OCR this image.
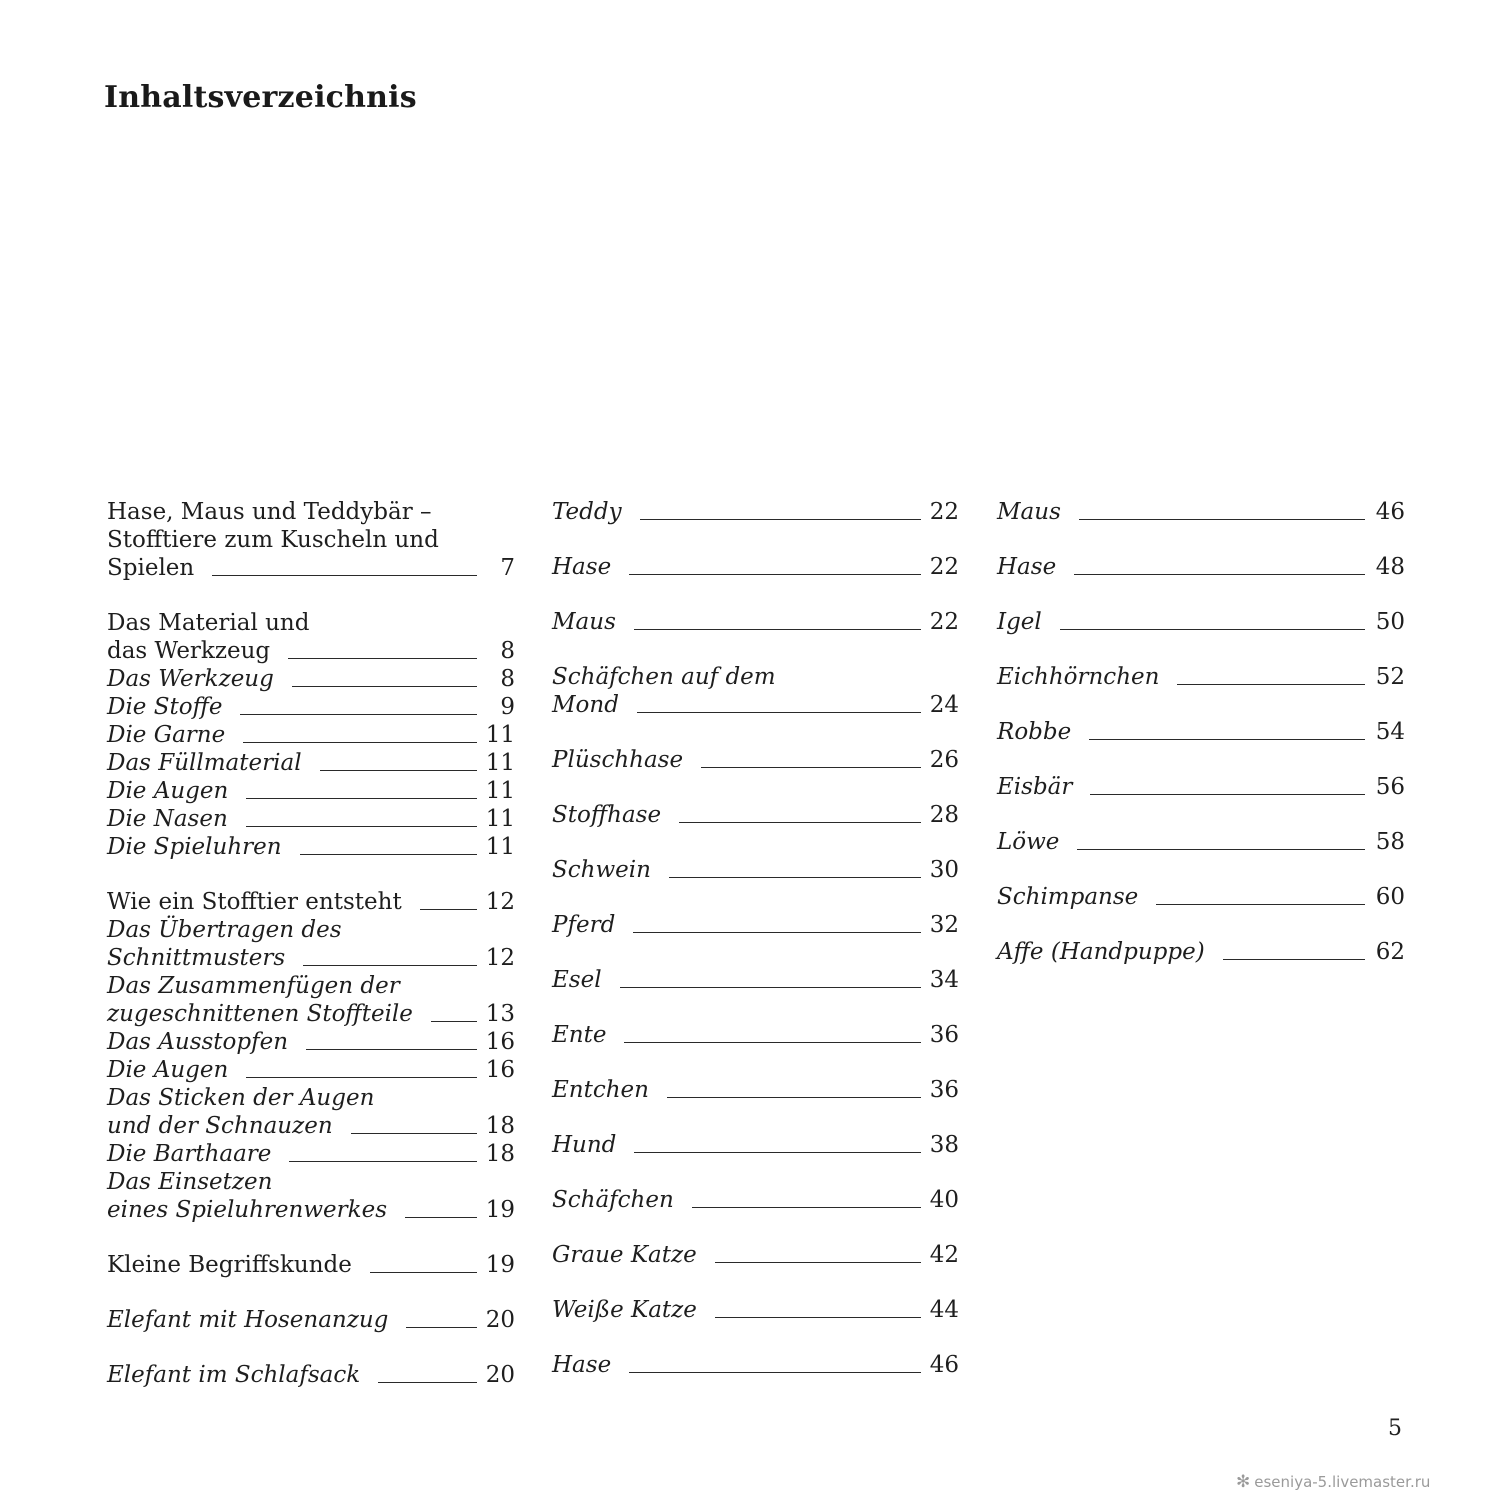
Inhaltsverzeichnis
Hase, Maus und Teddybär –
Stofftiere zum Kuscheln und
Spielen	7
Das Material und
das Werkzeug	8
Das Werkzeug	8
Die Stoffe	9
Die Garne	11
Das Füllmaterial	11
Die Augen	11
Die Nasen	11
Die Spieluhren	11
Wie ein Stofftier entsteht	12
Das Übertragen des
Schnittmusters	12
Das Zusammenfügen der
zugeschnittenen Stoffteile	13
Das Ausstopfen	16
Die Augen	16
Das Sticken der Augen
und der Schnauzen	18
Die Barthaare	18
Das Einsetzen
eines Spieluhrenwerkes	19
Kleine Begriffskunde	19
Elefant mit Hosenanzug	20
Elefant im Schlafsack	20
Teddy	22
Hase	22
Maus	22
Schäfchen auf dem
Mond	24
Plüschhase	26
Stoffhase	28
Schwein	30
Pferd	32
Esel	34
Ente	36
Entchen	36
Hund	38
Schäfchen	40
Graue Katze	42
Weiße Katze	44
Hase	46
Maus	46
Hase	48
Igel	50
Eichhörnchen	52
Robbe	54
Eisbär	56
Löwe	58
Schimpanse	60
Affe (Handpuppe)	62
5
✻ eseniya-5.livemaster.ru
